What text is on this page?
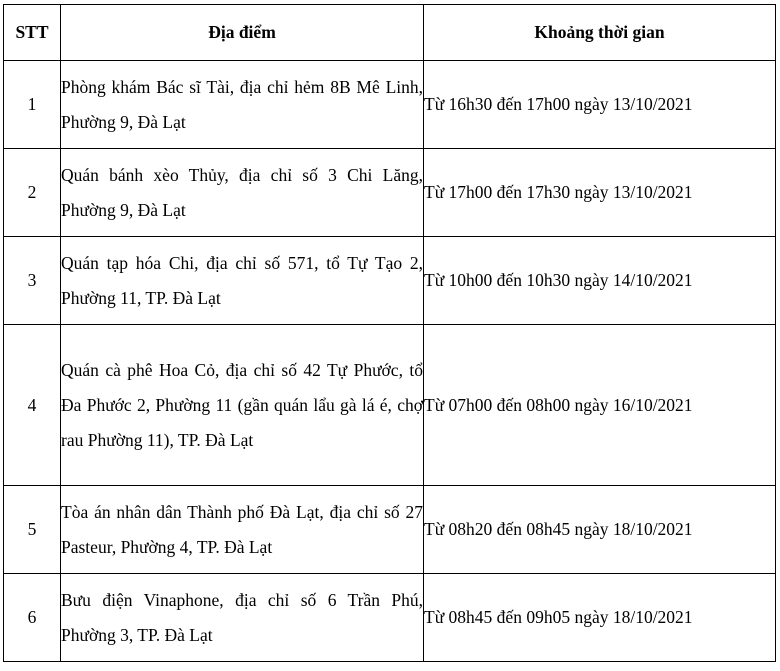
STT	Địa điểm	Khoảng thời gian
1	Phòng khám Bác sĩ Tài, địa chỉ hẻm 8B Mê Linh, Phường 9, Đà Lạt	Từ 16h30 đến 17h00 ngày 13/10/2021
2	Quán bánh xèo Thủy, địa chỉ số 3 Chi Lăng, Phường 9, Đà Lạt	Từ 17h00 đến 17h30 ngày 13/10/2021
3	Quán tạp hóa Chi, địa chỉ số 571, tổ Tự Tạo 2, Phường 11, TP. Đà Lạt	Từ 10h00 đến 10h30 ngày 14/10/2021
4	Quán cà phê Hoa Cỏ, địa chỉ số 42 Tự Phước, tổ Đa Phước 2, Phường 11 (gần quán lẩu gà lá é, chợ rau Phường 11), TP. Đà Lạt	Từ 07h00 đến 08h00 ngày 16/10/2021
5	Tòa án nhân dân Thành phố Đà Lạt, địa chỉ số 27 Pasteur, Phường 4, TP. Đà Lạt	Từ 08h20 đến 08h45 ngày 18/10/2021
6	Bưu điện Vinaphone, địa chỉ số 6 Trần Phú, Phường 3, TP. Đà Lạt	Từ 08h45 đến 09h05 ngày 18/10/2021
